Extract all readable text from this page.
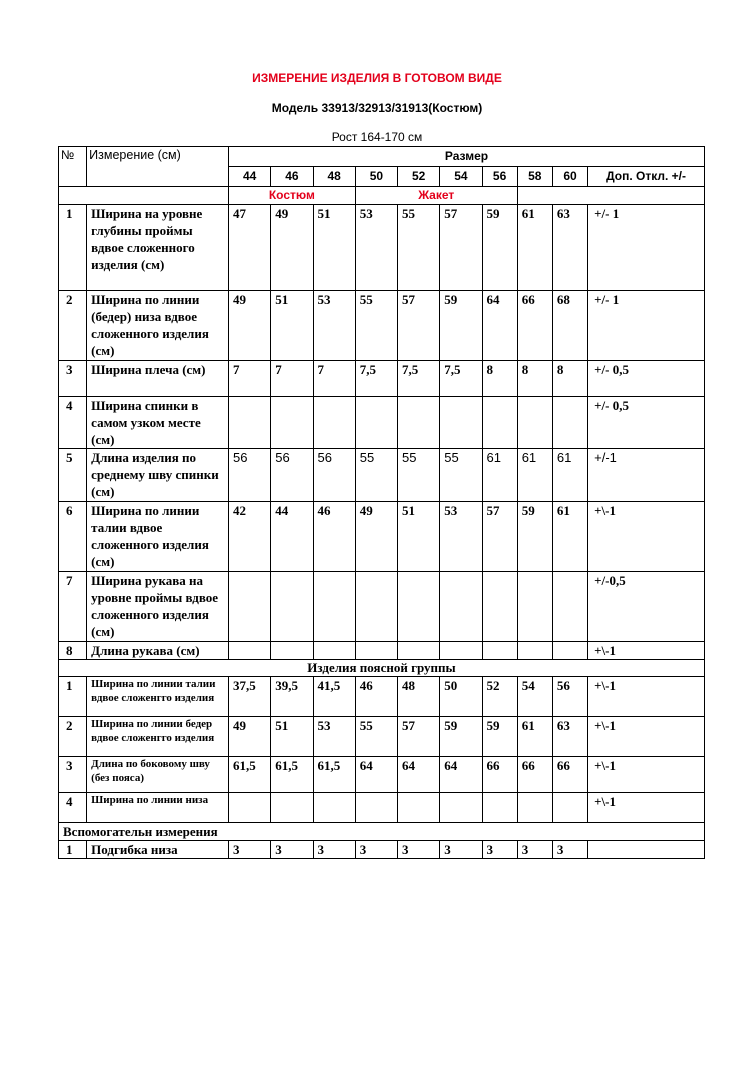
ИЗМЕРЕНИЕ ИЗДЕЛИЯ В ГОТОВОМ ВИДЕ
Модель 33913/32913/31913(Костюм)
Рост 164-170 см
№	Измерение (см)	Размер									
		44	46	48	50	52	54	56	58	60	Доп. Откл. +/-
		Костюм			Жакет						
1	Ширина на уровне глубины проймы вдвое сложенного изделия (см)	47	49	51	53	55	57	59	61	63	+/- 1
2	Ширина по линии (бедер) низа вдвое сложенного изделия (см)	49	51	53	55	57	59	64	66	68	+/- 1
3	Ширина плеча (см)	7	7	7	7,5	7,5	7,5	8	8	8	+/- 0,5
4	Ширина спинки в самом узком месте (см)										+/- 0,5
5	Длина изделия по среднему шву спинки (см)	56	56	56	55	55	55	61	61	61	+/-1
6	Ширина по линии талии вдвое сложенного изделия (см)	42	44	46	49	51	53	57	59	61	+\-1
7	Ширина рукава на уровне проймы вдвое сложенного изделия (см)										+/-0,5
8	Длина рукава (см)										+\-1
Изделия поясной группы											
1	Ширина по линии талии вдвое сложенгго изделия	37,5	39,5	41,5	46	48	50	52	54	56	+\-1
2	Ширина по линии бедер вдвое сложенгго изделия	49	51	53	55	57	59	59	61	63	+\-1
3	Длина по боковому шву (без пояса)	61,5	61,5	61,5	64	64	64	66	66	66	+\-1
4	Ширина по линии низа										+\-1
Вспомогательн измерения											
1	Подгибка низа	3	3	3	3	3	3	3	3	3	
